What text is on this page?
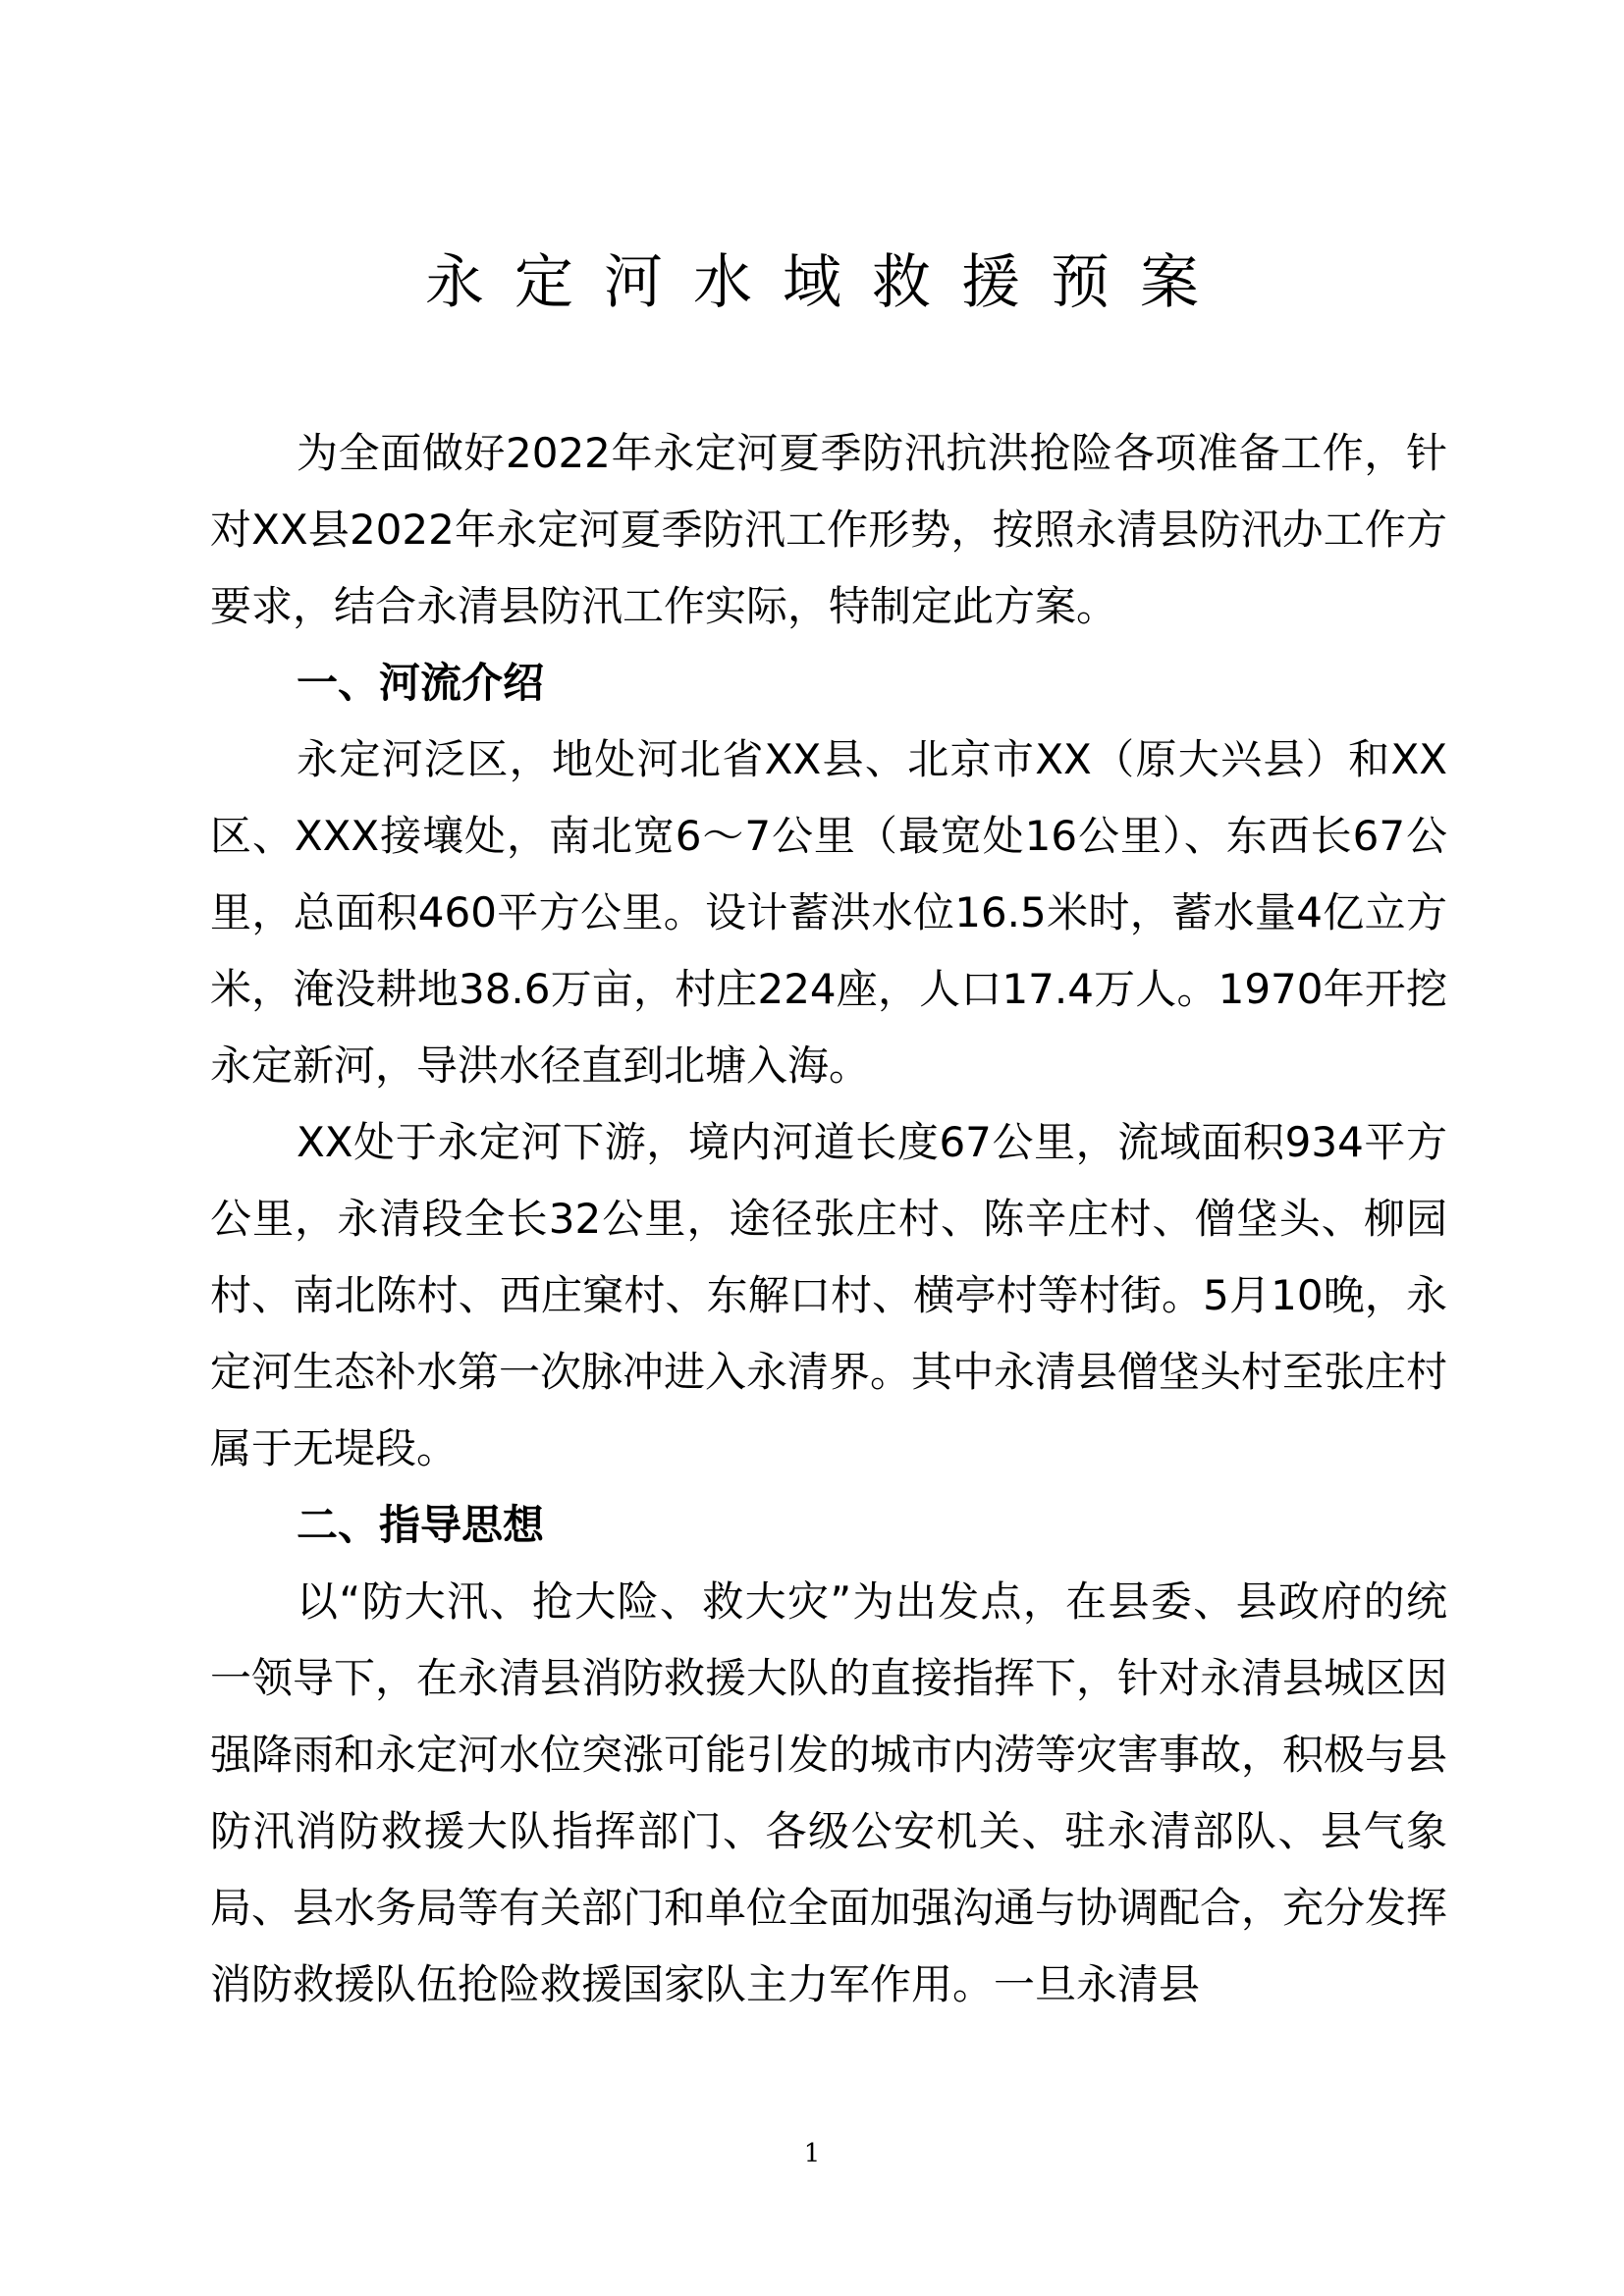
永定河水域救援预案

为全面做好2022年永定河夏季防汛抗洪抢险各项准备工作，针对XX县2022年永定河夏季防汛工作形势，按照永清县防汛办工作方要求，结合永清县防汛工作实际，特制定此方案。

一、河流介绍

永定河泛区，地处河北省XX县、北京市XX（原大兴县）和XX区、XXX接壤处，南北宽6～7公里（最宽处16公里）、东西长67公里，总面积460平方公里。设计蓄洪水位16.5米时，蓄水量4亿立方米，淹没耕地38.6万亩，村庄224座，人口17.4万人。1970年开挖永定新河，导洪水径直到北塘入海。

XX处于永定河下游，境内河道长度67公里，流域面积934平方公里，永清段全长32公里，途径张庄村、陈辛庄村、僧垡头、柳园村、南北陈村、西庄窠村、东解口村、横亭村等村街。5月10晚，永定河生态补水第一次脉冲进入永清界。其中永清县僧垡头村至张庄村属于无堤段。

二、指导思想

以“防大汛、抢大险、救大灾”为出发点，在县委、县政府的统一领导下，在永清县消防救援大队的直接指挥下，针对永清县城区因强降雨和永定河水位突涨可能引发的城市内涝等灾害事故，积极与县防汛消防救援大队指挥部门、各级公安机关、驻永清部队、县气象局、县水务局等有关部门和单位全面加强沟通与协调配合，充分发挥消防救援队伍抢险救援国家队主力军作用。一旦永清县

1
